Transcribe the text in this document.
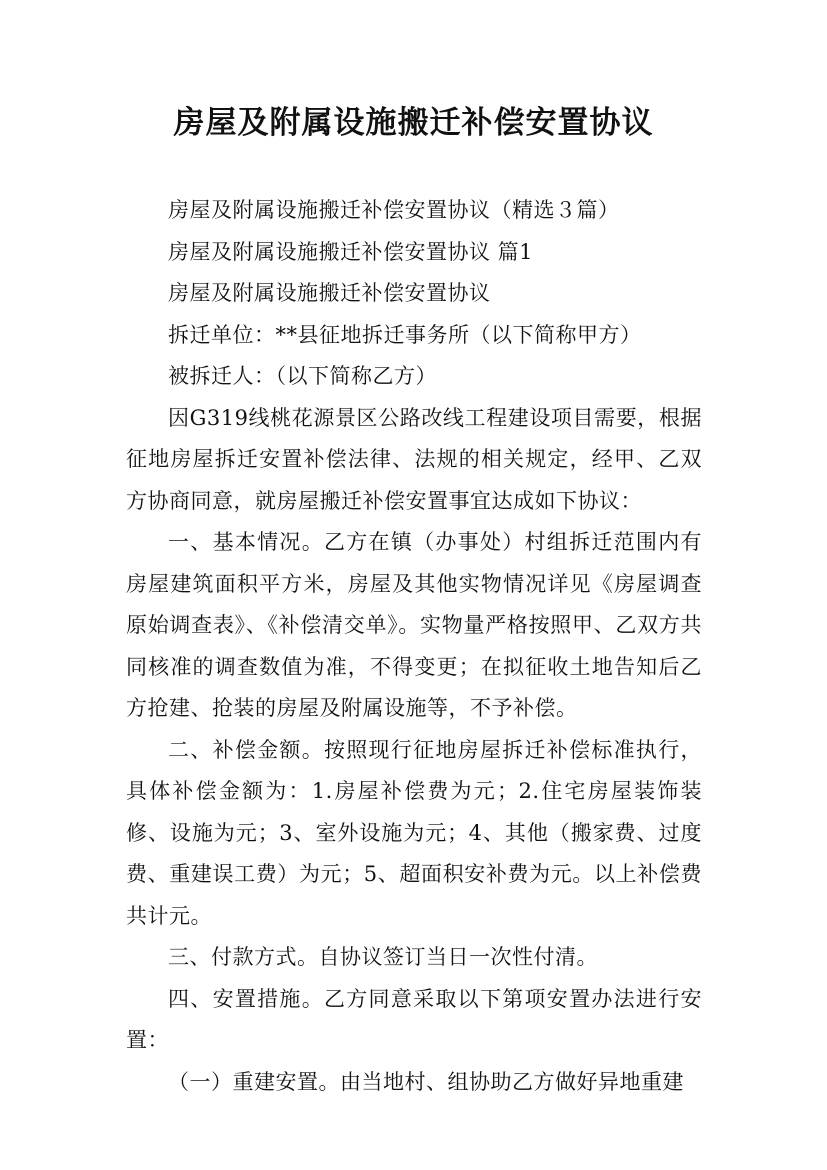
房屋及附属设施搬迁补偿安置协议

房屋及附属设施搬迁补偿安置协议（精选３篇）

房屋及附属设施搬迁补偿安置协议 篇1

房屋及附属设施搬迁补偿安置协议

拆迁单位：**县征地拆迁事务所（以下简称甲方）

被拆迁人：（以下简称乙方）

因G319线桃花源景区公路改线工程建设项目需要，根据征地房屋拆迁安置补偿法律、法规的相关规定，经甲、乙双方协商同意，就房屋搬迁补偿安置事宜达成如下协议：

一、基本情况。乙方在镇（办事处）村组拆迁范围内有房屋建筑面积平方米，房屋及其他实物情况详见《房屋调查原始调查表》、《补偿清交单》。实物量严格按照甲、乙双方共同核准的调查数值为准，不得变更；在拟征收土地告知后乙方抢建、抢装的房屋及附属设施等，不予补偿。

二、补偿金额。按照现行征地房屋拆迁补偿标准执行，具体补偿金额为：1.房屋补偿费为元；2.住宅房屋装饰装修、设施为元；3、室外设施为元；4、其他（搬家费、过度费、重建误工费）为元；5、超面积安补费为元。以上补偿费共计元。

三、付款方式。自协议签订当日一次性付清。

四、安置措施。乙方同意采取以下第项安置办法进行安置：

（一）重建安置。由当地村、组协助乙方做好异地重建
